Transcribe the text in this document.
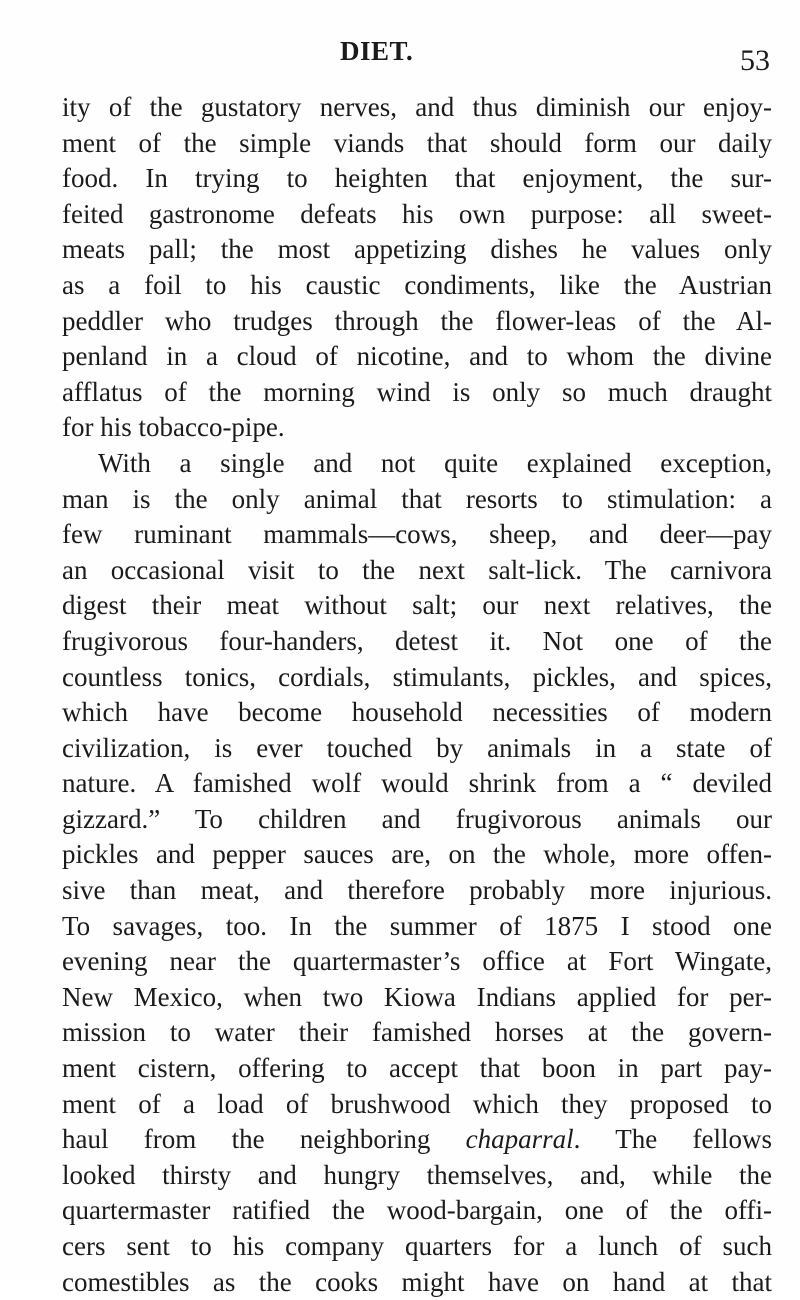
DIET.	53
ity of the gustatory nerves, and thus diminish our enjoy-
ment of the simple viands that should form our daily
food. In trying to heighten that enjoyment, the sur-
feited gastronome defeats his own purpose: all sweet-
meats pall; the most appetizing dishes he values only
as a foil to his caustic condiments, like the Austrian
peddler who trudges through the flower-leas of the Al-
penland in a cloud of nicotine, and to whom the divine
afflatus of the morning wind is only so much draught
for his tobacco-pipe.
With a single and not quite explained exception,
man is the only animal that resorts to stimulation: a
few ruminant mammals—cows, sheep, and deer—pay
an occasional visit to the next salt-lick. The carnivora
digest their meat without salt; our next relatives, the
frugivorous four-handers, detest it. Not one of the
countless tonics, cordials, stimulants, pickles, and spices,
which have become household necessities of modern
civilization, is ever touched by animals in a state of
nature. A famished wolf would shrink from a “ deviled
gizzard.” To children and frugivorous animals our
pickles and pepper sauces are, on the whole, more offen-
sive than meat, and therefore probably more injurious.
To savages, too. In the summer of 1875 I stood one
evening near the quartermaster’s office at Fort Wingate,
New Mexico, when two Kiowa Indians applied for per-
mission to water their famished horses at the govern-
ment cistern, offering to accept that boon in part pay-
ment of a load of brushwood which they proposed to
haul from the neighboring chaparral. The fellows
looked thirsty and hungry themselves, and, while the
quartermaster ratified the wood-bargain, one of the offi-
cers sent to his company quarters for a lunch of such
comestibles as the cooks might have on hand at that
